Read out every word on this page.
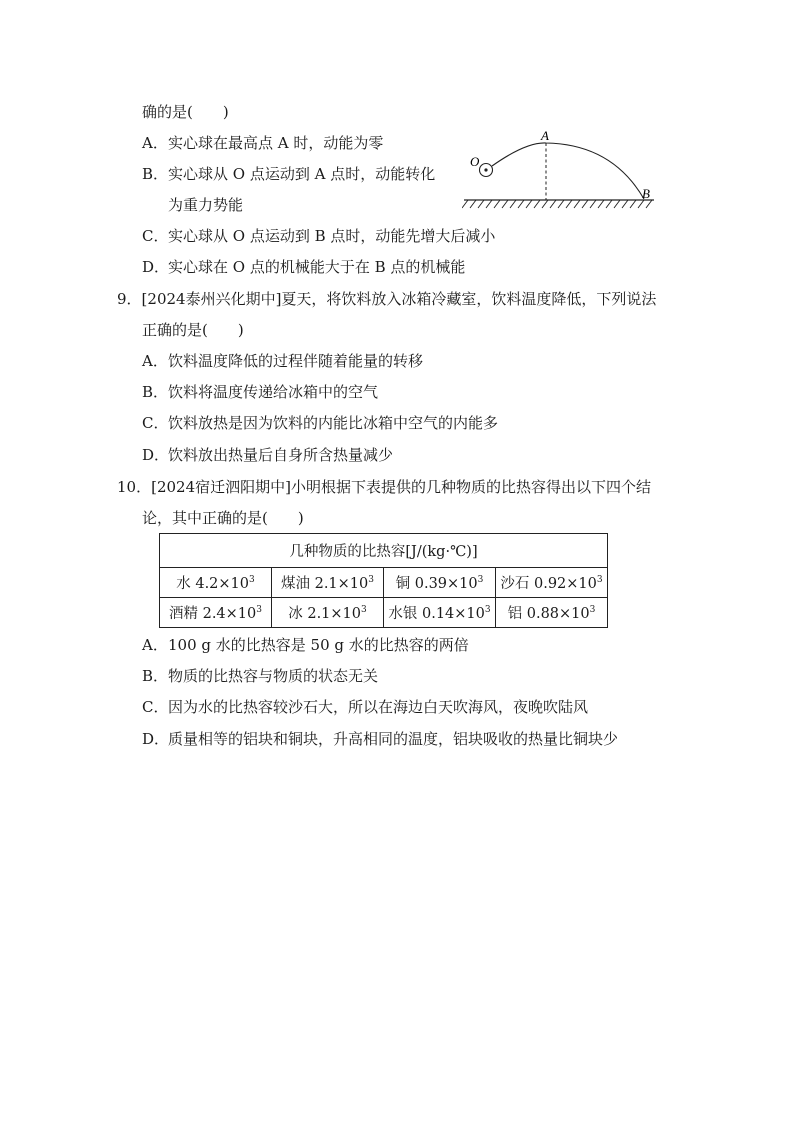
确的是(　　)
A．实心球在最高点 A 时，动能为零
B．实心球从 O 点运动到 A 点时，动能转化
为重力势能
C．实心球从 O 点运动到 B 点时，动能先增大后减小
D．实心球在 O 点的机械能大于在 B 点的机械能
O
A
B
9．[2024泰州兴化期中]夏天，将饮料放入冰箱冷藏室，饮料温度降低，下列说法
正确的是(　　)
A．饮料温度降低的过程伴随着能量的转移
B．饮料将温度传递给冰箱中的空气
C．饮料放热是因为饮料的内能比冰箱中空气的内能多
D．饮料放出热量后自身所含热量减少
10．[2024宿迁泗阳期中]小明根据下表提供的几种物质的比热容得出以下四个结
论，其中正确的是(　　)
几种物质的比热容[J/(kg·℃)]			
水 $4.2\times 10^3$	煤油 $2.1\times 10^3$	铜 $0.39\times 10^3$	沙石 $0.92\times 10^3$
酒精 $2.4\times 10^3$	冰 $2.1\times 10^3$	水银 $0.14\times 10^3$	铝 $0.88\times 10^3$
A．100 g 水的比热容是 50 g 水的比热容的两倍
B．物质的比热容与物质的状态无关
C．因为水的比热容较沙石大，所以在海边白天吹海风，夜晚吹陆风
D．质量相等的铝块和铜块，升高相同的温度，铝块吸收的热量比铜块少
